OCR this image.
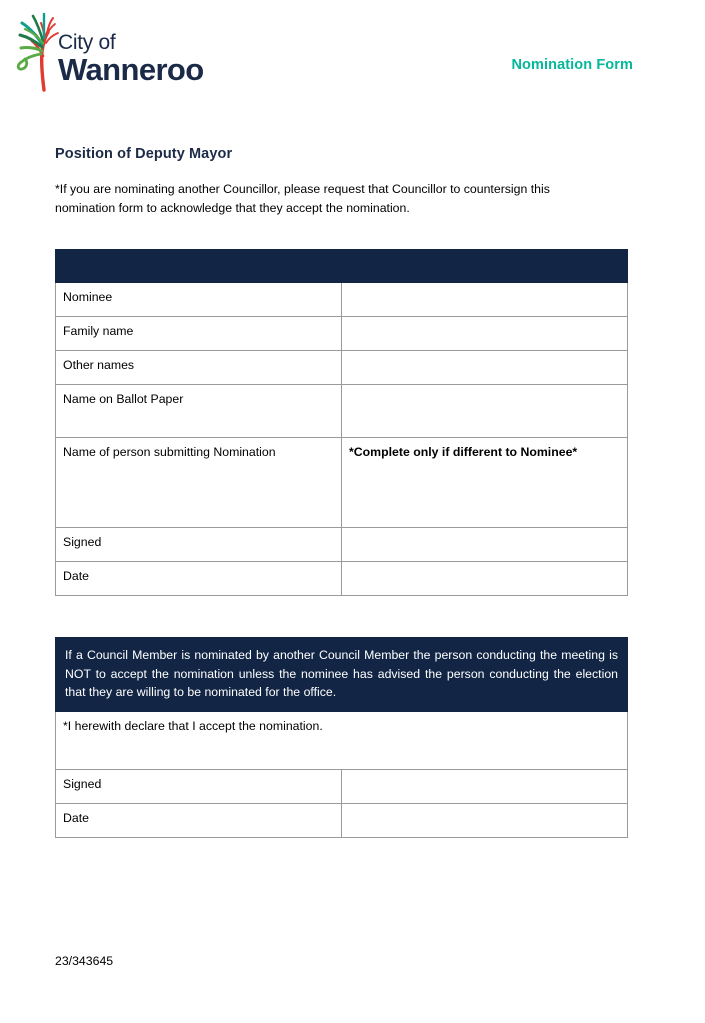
City of
Wanneroo	Nomination Form
Position of Deputy Mayor
*If you are nominating another Councillor, please request that Councillor to countersign this nomination form to acknowledge that they accept the nomination.

Nominee	
Family name	
Other names	
Name on Ballot Paper	
Name of person submitting Nomination	*Complete only if different to Nominee*
Signed	
Date	
If a Council Member is nominated by another Council Member the person conducting the meeting is NOT to accept the nomination unless the nominee has advised the person conducting the election that they are willing to be nominated for the office.	
*I herewith declare that I accept the nomination.	
Signed	
Date	
23/343645
